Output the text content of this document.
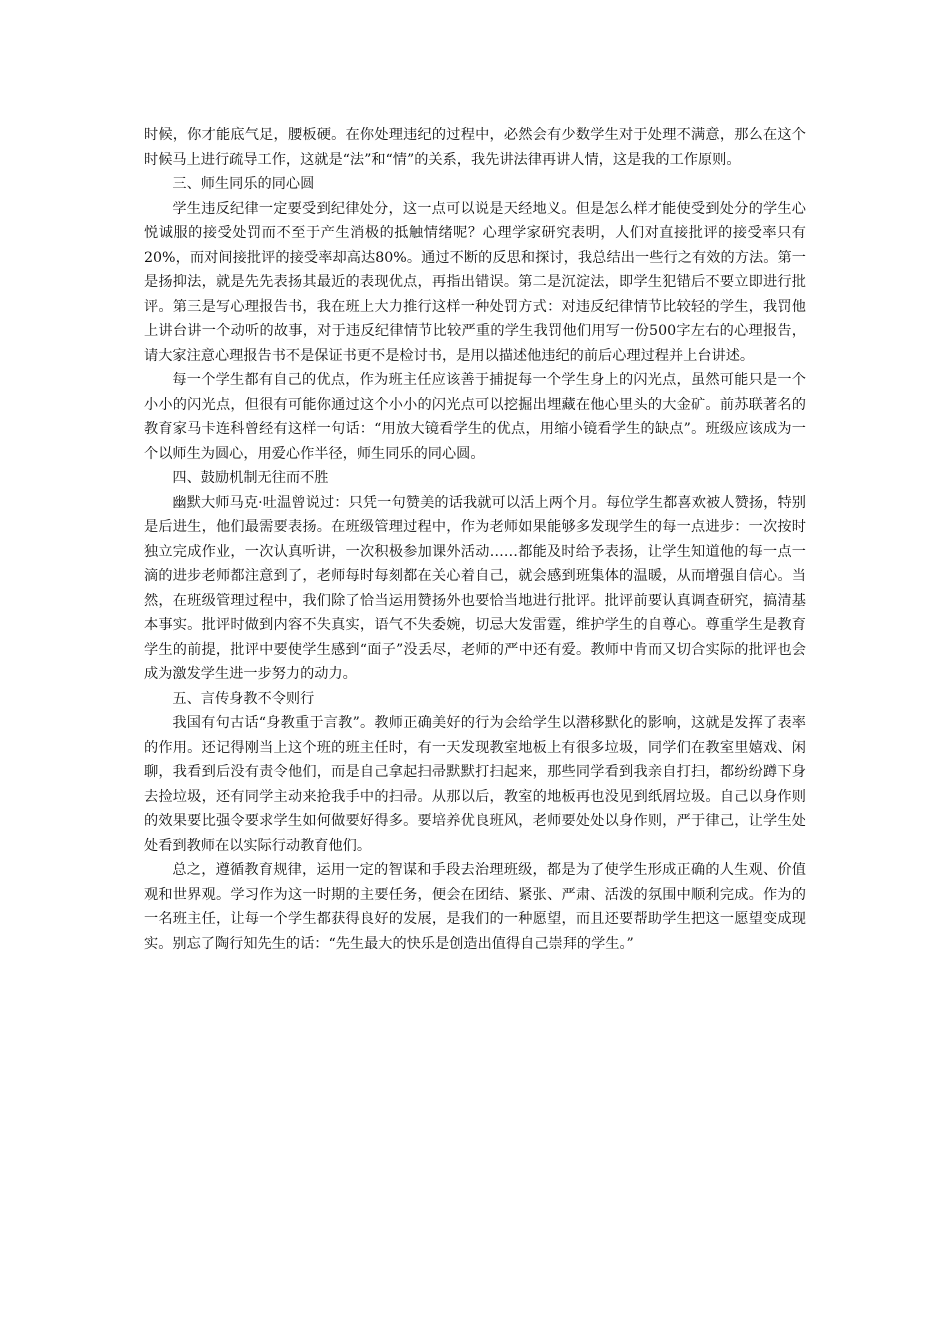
时候，你才能底气足，腰板硬。在你处理违纪的过程中，必然会有少数学生对于处理不满意，那么在这个时候马上进行疏导工作，这就是“法”和“情”的关系，我先讲法律再讲人情，这是我的工作原则。

三、师生同乐的同心圆

学生违反纪律一定要受到纪律处分，这一点可以说是天经地义。但是怎么样才能使受到处分的学生心悦诚服的接受处罚而不至于产生消极的抵触情绪呢？心理学家研究表明，人们对直接批评的接受率只有20%，而对间接批评的接受率却高达80%。通过不断的反思和探讨，我总结出一些行之有效的方法。第一是扬抑法，就是先先表扬其最近的表现优点，再指出错误。第二是沉淀法，即学生犯错后不要立即进行批评。第三是写心理报告书，我在班上大力推行这样一种处罚方式：对违反纪律情节比较轻的学生，我罚他上讲台讲一个动听的故事，对于违反纪律情节比较严重的学生我罚他们用写一份500字左右的心理报告，请大家注意心理报告书不是保证书更不是检讨书，是用以描述他违纪的前后心理过程并上台讲述。

每一个学生都有自己的优点，作为班主任应该善于捕捉每一个学生身上的闪光点，虽然可能只是一个小小的闪光点，但很有可能你通过这个小小的闪光点可以挖掘出埋藏在他心里头的大金矿。前苏联著名的教育家马卡连科曾经有这样一句话：“用放大镜看学生的优点，用缩小镜看学生的缺点”。班级应该成为一个以师生为圆心，用爱心作半径，师生同乐的同心圆。

四、鼓励机制无往而不胜

幽默大师马克·吐温曾说过：只凭一句赞美的话我就可以活上两个月。每位学生都喜欢被人赞扬，特别是后进生，他们最需要表扬。在班级管理过程中，作为老师如果能够多发现学生的每一点进步：一次按时独立完成作业，一次认真听讲，一次积极参加课外活动……都能及时给予表扬，让学生知道他的每一点一滴的进步老师都注意到了，老师每时每刻都在关心着自己，就会感到班集体的温暖，从而增强自信心。当然，在班级管理过程中，我们除了恰当运用赞扬外也要恰当地进行批评。批评前要认真调查研究，搞清基本事实。批评时做到内容不失真实，语气不失委婉，切忌大发雷霆，维护学生的自尊心。尊重学生是教育学生的前提，批评中要使学生感到“面子”没丢尽，老师的严中还有爱。教师中肯而又切合实际的批评也会成为激发学生进一步努力的动力。

五、言传身教不令则行

我国有句古话“身教重于言教”。教师正确美好的行为会给学生以潜移默化的影响，这就是发挥了表率的作用。还记得刚当上这个班的班主任时，有一天发现教室地板上有很多垃圾，同学们在教室里嬉戏、闲聊，我看到后没有责令他们，而是自己拿起扫帚默默打扫起来，那些同学看到我亲自打扫，都纷纷蹲下身去捡垃圾，还有同学主动来抢我手中的扫帚。从那以后，教室的地板再也没见到纸屑垃圾。自己以身作则的效果要比强令要求学生如何做要好得多。要培养优良班风，老师要处处以身作则，严于律己，让学生处处看到教师在以实际行动教育他们。

总之，遵循教育规律，运用一定的智谋和手段去治理班级，都是为了使学生形成正确的人生观、价值观和世界观。学习作为这一时期的主要任务，便会在团结、紧张、严肃、活泼的氛围中顺利完成。作为的一名班主任，让每一个学生都获得良好的发展，是我们的一种愿望，而且还要帮助学生把这一愿望变成现实。别忘了陶行知先生的话：“先生最大的快乐是创造出值得自己崇拜的学生。”
